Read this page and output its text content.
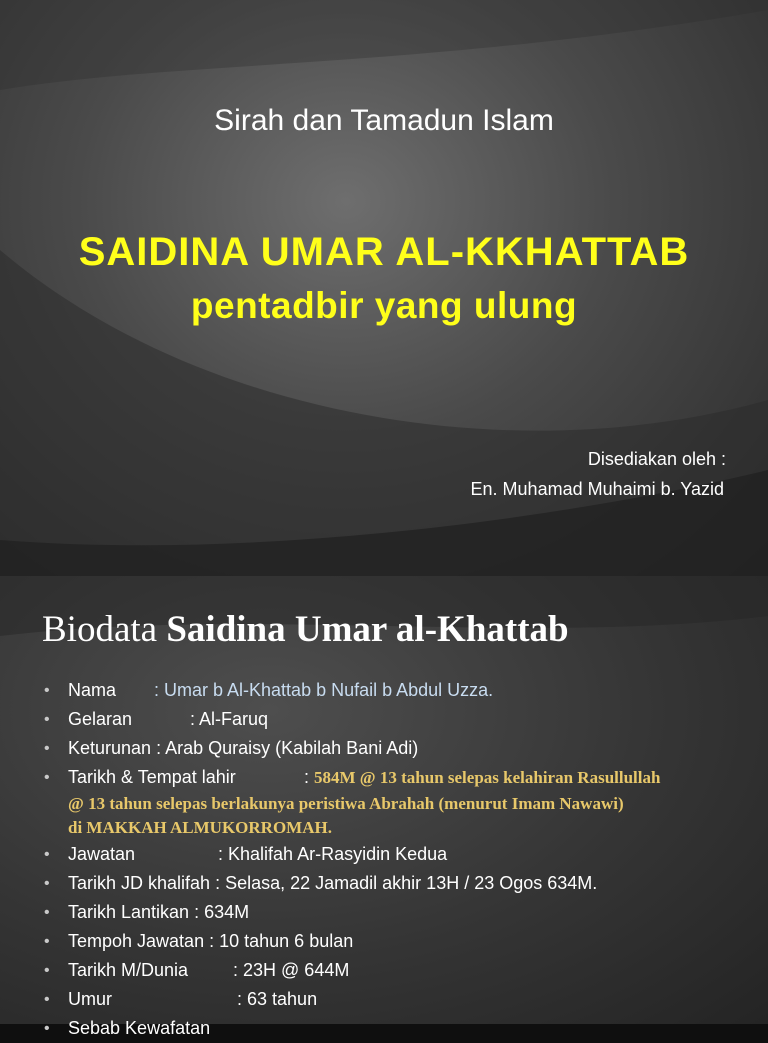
Sirah dan Tamadun Islam
SAIDINA UMAR AL-KKHATTAB
pentadbir yang ulung
Disediakan oleh :
En. Muhamad Muhaimi b. Yazid
Biodata Saidina Umar al-Khattab
• Nama : Umar b Al-Khattab b Nufail b Abdul Uzza.
• Gelaran	: Al-Faruq
• Keturunan : Arab Quraisy (Kabilah Bani Adi)
• Tarikh & Tempat lahir	: 584M @ 13 tahun selepas kelahiran Rasullullah
@ 13 tahun selepas berlakunya peristiwa Abrahah (menurut Imam Nawawi)
di MAKKAH ALMUKORROMAH.
• Jawatan	: Khalifah Ar-Rasyidin Kedua
• Tarikh JD khalifah : Selasa, 22 Jamadil akhir 13H / 23 Ogos 634M.
• Tarikh Lantikan : 634M
• Tempoh Jawatan : 10 tahun 6 bulan
• Tarikh M/Dunia : 23H @ 644M
• Umur	: 63 tahun
• Sebab Kewafatan
